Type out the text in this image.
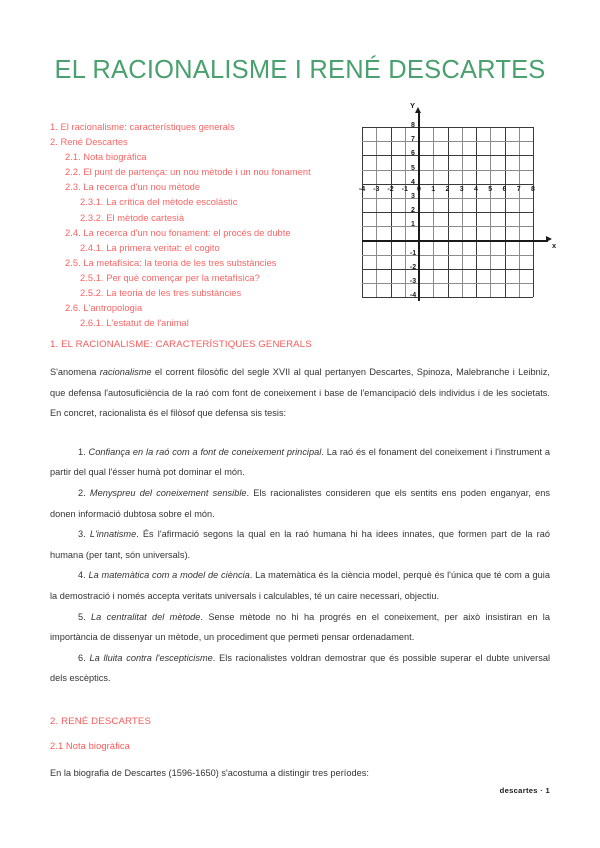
EL RACIONALISME I RENÉ DESCARTES
1. El racionalisme: característiques generals
2. René Descartes
2.1. Nota biogràfica
2.2. El punt de partença: un nou mètode i un nou fonament
2.3. La recerca d'un nou mètode
2.3.1. La crítica del mètode escolàstic
2.3.2. El mètode cartesià
2.4. La recerca d'un nou fonament: el procés de dubte
2.4.1. La primera veritat: el cogito
2.5. La metafísica: la teoria de les tres substàncies
2.5.1. Per què començar per la metafísica?
2.5.2. La teoria de les tres substàncies
2.6. L'antropologia
2.6.1. L'estatut de l'animal
Y
x
-4	-3	-2	-1	0	1	2	3	4	5	6	7	8
-4
-3
-2
-1
1
2
3
4
5
6
7
8
1. EL RACIONALISME: CARACTERÍSTIQUES GENERALS

S'anomena racionalisme el corrent filosòfic del segle XVII al qual pertanyen Descartes, Spinoza, Malebranche i Leibniz, que defensa l'autosuficiència de la raó com font de coneixement i base de l'emancipació dels individus i de les societats. En concret, racionalista és el filòsof que defensa sis tesis:

1. Confiança en la raó com a font de coneixement principal. La raó és el fonament del coneixement i l'instrument a partir del qual l'ésser humà pot dominar el món.

2. Menyspreu del coneixement sensible. Els racionalistes consideren que els sentits ens poden enganyar, ens donen informació dubtosa sobre el món.

3. L'innatisme. És l'afirmació segons la qual en la raó humana hi ha idees innates, que formen part de la raó humana (per tant, són universals).

4. La matemàtica com a model de ciència. La matemàtica és la ciència model, perquè és l'única que té com a guia la demostració i només accepta veritats universals i calculables, té un caire necessari, objectiu.

5. La centralitat del mètode. Sense mètode no hi ha progrés en el coneixement, per això insistiran en la importància de dissenyar un mètode, un procediment que permeti pensar ordenadament.

6. La lluita contra l'escepticisme. Els racionalistes voldran demostrar que és possible superar el dubte universal dels escèptics.

2. RENÉ DESCARTES
2.1 Nota biogràfica

En la biografia de Descartes (1596-1650) s'acostuma a distingir tres períodes:

descartes · 1
